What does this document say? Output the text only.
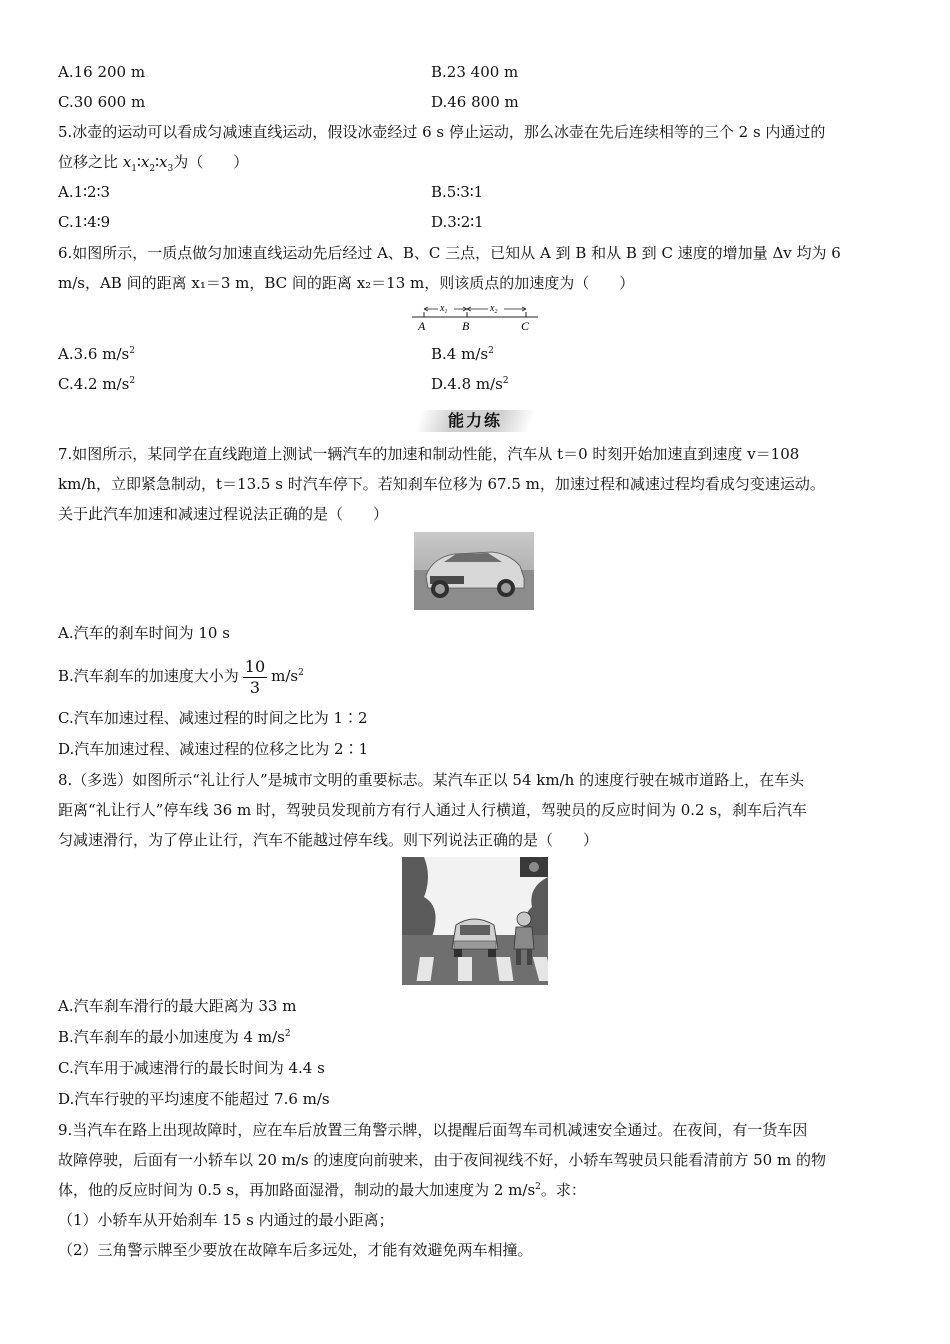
A.16 200 m	B.23 400 m
C.30 600 m	D.46 800 m
5.冰壶的运动可以看成匀减速直线运动，假设冰壶经过 6 s 停止运动，那么冰壶在先后连续相等的三个 2 s 内通过的
位移之比 $x_1∶x_2∶x_3$为（　　）
A.1∶2∶3	B.5∶3∶1
C.1∶4∶9	D.3∶2∶1
6.如图所示，一质点做匀加速直线运动先后经过 A、B、C 三点，已知从 A 到 B 和从 B 到 C 速度的增加量 Δv 均为 6
m/s，AB 间的距离 x₁＝3 m，BC 间的距离 x₂＝13 m，则该质点的加速度为（　　）
$x_1$	$x_2$
A	B	C
A.3.6 $m/s^2$	B.4 $m/s^2$
C.4.2 $m/s^2$	D.4.8 $m/s^2$
能力练
7.如图所示，某同学在直线跑道上测试一辆汽车的加速和制动性能，汽车从 t＝0 时刻开始加速直到速度 v＝108
km/h，立即紧急制动，t＝13.5 s 时汽车停下。若知刹车位移为 67.5 m，加速过程和减速过程均看成匀变速运动。
关于此汽车加速和减速过程说法正确的是（　　）
A.汽车的刹车时间为 10 s
B.汽车刹车的加速度大小为 $\frac{10}{3} m/s^2$
C.汽车加速过程、减速过程的时间之比为 1∶2
D.汽车加速过程、减速过程的位移之比为 2∶1
8.（多选）如图所示“礼让行人”是城市文明的重要标志。某汽车正以 54 km/h 的速度行驶在城市道路上，在车头
距离“礼让行人”停车线 36 m 时，驾驶员发现前方有行人通过人行横道，驾驶员的反应时间为 0.2 s，刹车后汽车
匀减速滑行，为了停止让行，汽车不能越过停车线。则下列说法正确的是（　　）
A.汽车刹车滑行的最大距离为 33 m
B.汽车刹车的最小加速度为 4 $m/s^2$
C.汽车用于减速滑行的最长时间为 4.4 s
D.汽车行驶的平均速度不能超过 7.6 m/s
9.当汽车在路上出现故障时，应在车后放置三角警示牌，以提醒后面驾车司机减速安全通过。在夜间，有一货车因
故障停驶，后面有一小轿车以 20 m/s 的速度向前驶来，由于夜间视线不好，小轿车驾驶员只能看清前方 50 m 的物
体，他的反应时间为 0.5 s，再加路面湿滑，制动的最大加速度为 2 $m/s^2$。求：
（1）小轿车从开始刹车 15 s 内通过的最小距离；
（2）三角警示牌至少要放在故障车后多远处，才能有效避免两车相撞。
